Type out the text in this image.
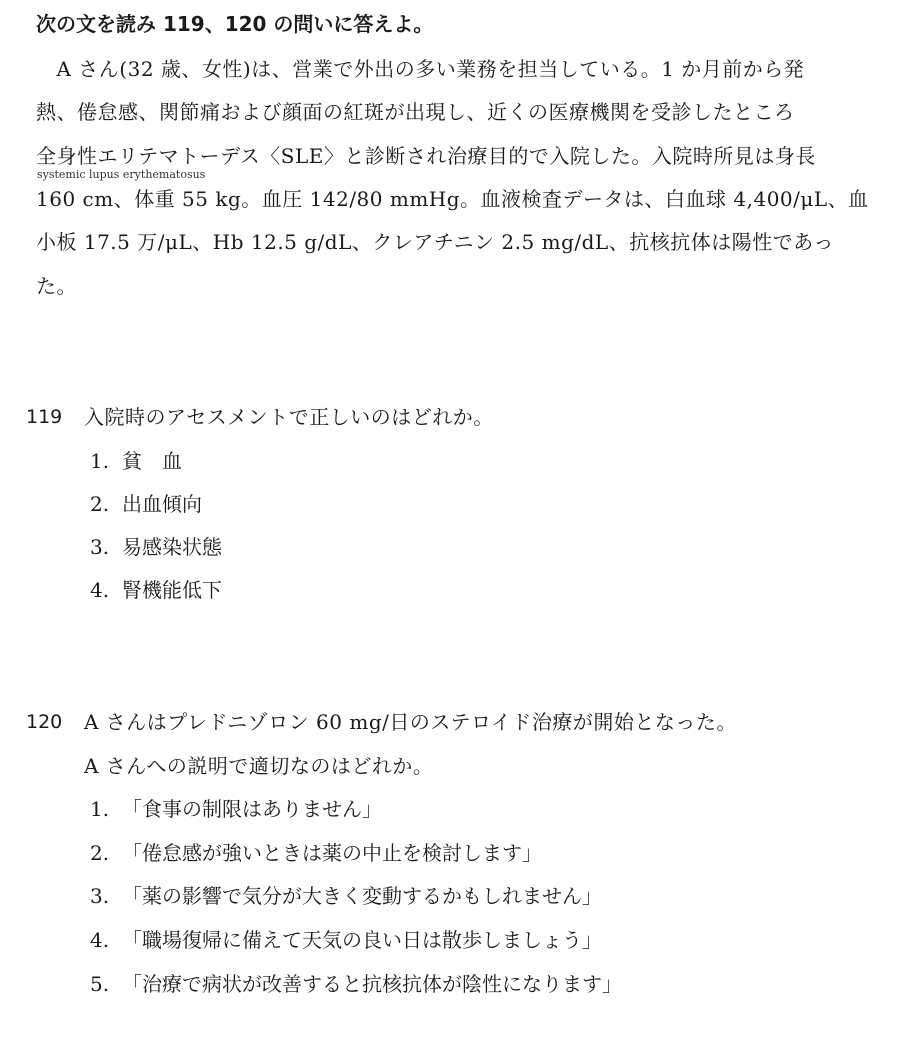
次の文を読み 119、120 の問いに答えよ。
　A さん(32 歳、女性)は、営業で外出の多い業務を担当している。1 か月前から発
熱、倦怠感、関節痛および顔面の紅斑が出現し、近くの医療機関を受診したところ
全身性エリテマトーデス〈SLE〉と診断され治療目的で入院した。入院時所見は身長
systemic lupus erythematosus
160 cm、体重 55 kg。血圧 142/80 mmHg。血液検査データは、白血球 4,400/μL、血
小板 17.5 万/μL、Hb 12.5 g/dL、クレアチニン 2.5 mg/dL、抗核抗体は陽性であっ
た。
119 入院時のアセスメントで正しいのはどれか。
1. 貧　血
2. 出血傾向
3. 易感染状態
4. 腎機能低下
120 A さんはプレドニゾロン 60 mg/日のステロイド治療が開始となった。
A さんへの説明で適切なのはどれか。
1. 「食事の制限はありません」
2. 「倦怠感が強いときは薬の中止を検討します」
3. 「薬の影響で気分が大きく変動するかもしれません」
4. 「職場復帰に備えて天気の良い日は散歩しましょう」
5. 「治療で病状が改善すると抗核抗体が陰性になります」
